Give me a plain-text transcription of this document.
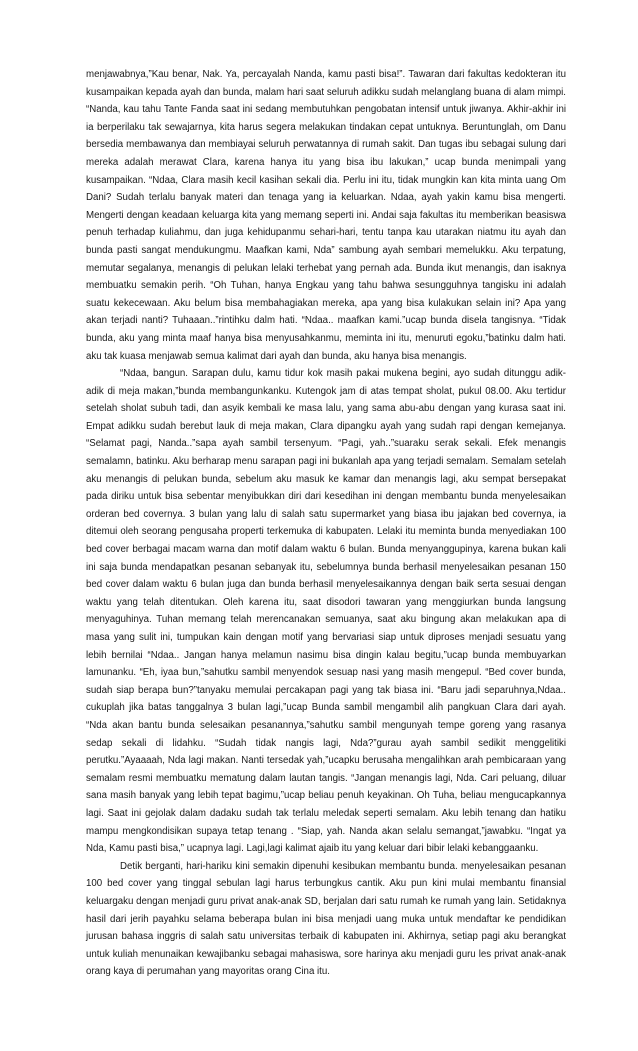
menjawabnya,”Kau benar, Nak. Ya, percayalah Nanda, kamu pasti bisa!”. Tawaran dari fakultas kedokteran itu kusampaikan kepada ayah dan bunda, malam hari saat seluruh adikku sudah melanglang buana di alam mimpi. “Nanda, kau tahu Tante Fanda saat ini sedang membutuhkan pengobatan intensif untuk jiwanya. Akhir-akhir ini ia berperilaku tak sewajarnya, kita harus segera melakukan tindakan cepat untuknya. Beruntunglah, om Danu bersedia membawanya dan membiayai seluruh perwatannya di rumah sakit. Dan tugas ibu sebagai sulung dari mereka adalah merawat Clara, karena hanya itu yang bisa ibu lakukan,” ucap bunda menimpali yang kusampaikan. “Ndaa, Clara masih kecil kasihan sekali dia. Perlu ini itu, tidak mungkin kan kita minta uang Om Dani? Sudah terlalu banyak materi dan tenaga yang ia keluarkan. Ndaa, ayah yakin kamu bisa mengerti. Mengerti dengan keadaan keluarga kita yang memang seperti ini. Andai saja fakultas itu memberikan beasiswa penuh terhadap kuliahmu, dan juga kehidupanmu sehari-hari, tentu tanpa kau utarakan niatmu itu ayah dan bunda pasti sangat mendukungmu. Maafkan kami, Nda” sambung ayah sembari memelukku. Aku terpatung, memutar segalanya, menangis di pelukan lelaki terhebat yang pernah ada. Bunda ikut menangis, dan isaknya membuatku semakin perih. “Oh Tuhan, hanya Engkau yang tahu bahwa sesungguhnya tangisku ini adalah suatu kekecewaan. Aku belum bisa membahagiakan mereka, apa yang bisa kulakukan selain ini? Apa yang akan terjadi nanti? Tuhaaan..”rintihku dalm hati. “Ndaa.. maafkan kami.”ucap bunda disela tangisnya. “Tidak bunda, aku yang minta maaf hanya bisa menyusahkanmu, meminta ini itu, menuruti egoku,”batinku dalm hati. aku tak kuasa menjawab semua kalimat dari ayah dan bunda, aku hanya bisa menangis.

“Ndaa, bangun. Sarapan dulu, kamu tidur kok masih pakai mukena begini, ayo sudah ditunggu adik-adik di meja makan,”bunda membangunkanku. Kutengok jam di atas tempat sholat, pukul 08.00. Aku tertidur setelah sholat subuh tadi, dan asyik kembali ke masa lalu, yang sama abu-abu dengan yang kurasa saat ini. Empat adikku sudah berebut lauk di meja makan, Clara dipangku ayah yang sudah rapi dengan kemejanya. “Selamat pagi, Nanda..”sapa ayah sambil tersenyum. “Pagi, yah..”suaraku serak sekali. Efek menangis semalamn, batinku. Aku berharap menu sarapan pagi ini bukanlah apa yang terjadi semalam. Semalam setelah aku menangis di pelukan bunda, sebelum aku masuk ke kamar dan menangis lagi, aku sempat bersepakat pada diriku untuk bisa sebentar menyibukkan diri dari kesedihan ini dengan membantu bunda menyelesaikan orderan bed covernya. 3 bulan yang lalu di salah satu supermarket yang biasa ibu jajakan bed covernya, ia ditemui oleh seorang pengusaha properti terkemuka di kabupaten. Lelaki itu meminta bunda menyediakan 100 bed cover berbagai macam warna dan motif dalam waktu 6 bulan. Bunda menyanggupinya, karena bukan kali ini saja bunda mendapatkan pesanan sebanyak itu, sebelumnya bunda berhasil menyelesaikan pesanan 150 bed cover dalam waktu 6 bulan juga dan bunda berhasil menyelesaikannya dengan baik serta sesuai dengan waktu yang telah ditentukan. Oleh karena itu, saat disodori tawaran yang menggiurkan bunda langsung menyaguhinya. Tuhan memang telah merencanakan semuanya, saat aku bingung akan melakukan apa di masa yang sulit ini, tumpukan kain dengan motif yang bervariasi siap untuk diproses menjadi sesuatu yang lebih bernilai “Ndaa.. Jangan hanya melamun nasimu bisa dingin kalau begitu,”ucap bunda membuyarkan lamunanku. “Eh, iyaa bun,”sahutku sambil menyendok sesuap nasi yang masih mengepul. “Bed cover bunda, sudah siap berapa bun?”tanyaku memulai percakapan pagi yang tak biasa ini. “Baru jadi separuhnya,Ndaa.. cukuplah jika batas tanggalnya 3 bulan lagi,”ucap Bunda sambil mengambil alih pangkuan Clara dari ayah. “Nda akan bantu bunda selesaikan pesanannya,”sahutku sambil mengunyah tempe goreng yang rasanya sedap sekali di lidahku. “Sudah tidak nangis lagi, Nda?”gurau ayah sambil sedikit menggelitiki perutku.”Ayaaaah, Nda lagi makan. Nanti tersedak yah,”ucapku berusaha mengalihkan arah pembicaraan yang semalam resmi membuatku mematung dalam lautan tangis. “Jangan menangis lagi, Nda. Cari peluang, diluar sana masih banyak yang lebih tepat bagimu,”ucap beliau penuh keyakinan. Oh Tuha, beliau mengucapkannya lagi. Saat ini gejolak dalam dadaku sudah tak terlalu meledak seperti semalam. Aku lebih tenang dan hatiku mampu mengkondisikan supaya tetap tenang . “Siap, yah. Nanda akan selalu semangat,”jawabku. “Ingat ya Nda, Kamu pasti bisa,” ucapnya lagi. Lagi,lagi kalimat ajaib itu yang keluar dari bibir lelaki kebanggaanku.

Detik berganti, hari-hariku kini semakin dipenuhi kesibukan membantu bunda. menyelesaikan pesanan 100 bed cover yang tinggal sebulan lagi harus terbungkus cantik. Aku pun kini mulai membantu finansial keluargaku dengan menjadi guru privat anak-anak SD, berjalan dari satu rumah ke rumah yang lain. Setidaknya hasil dari jerih payahku selama beberapa bulan ini bisa menjadi uang muka untuk mendaftar ke pendidikan jurusan bahasa inggris di salah satu universitas terbaik di kabupaten ini. Akhirnya, setiap pagi aku berangkat untuk kuliah menunaikan kewajibanku sebagai mahasiswa, sore harinya aku menjadi guru les privat anak-anak orang kaya di perumahan yang mayoritas orang Cina itu.
